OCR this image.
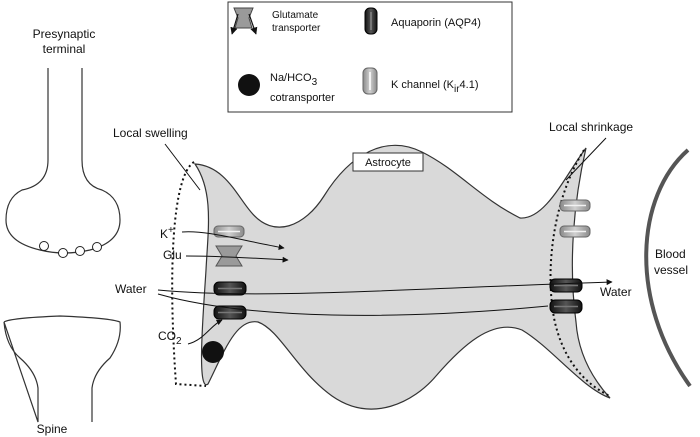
Glutamate
transporter	Aquaporin (AQP4)
Na/HCO3
cotransporter
K channel (Kir4.1)
Presynaptic
terminal
Spine
Astrocyte
Local swelling	Local shrinkage
Blood
vessel
K+
Glu
Water	Water
$CO_2$
